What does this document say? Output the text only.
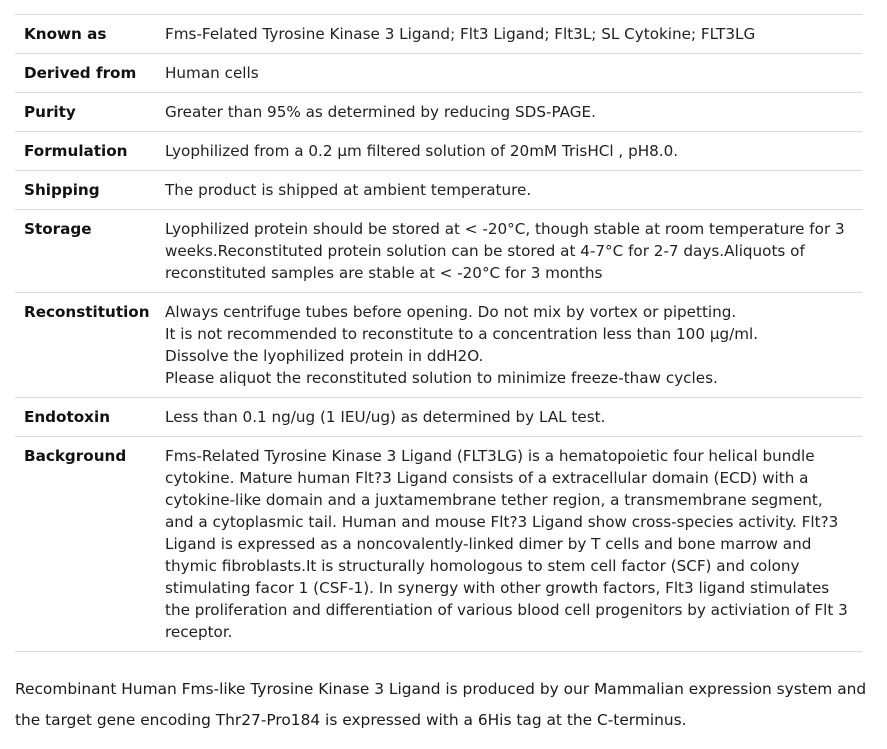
Known as	Fms-Felated Tyrosine Kinase 3 Ligand; Flt3 Ligand; Flt3L; SL Cytokine; FLT3LG

Derived from	Human cells

Purity	Greater than 95% as determined by reducing SDS-PAGE.

Formulation	Lyophilized from a 0.2 μm filtered solution of 20mM TrisHCl , pH8.0.

Shipping	The product is shipped at ambient temperature.

Storage	Lyophilized protein should be stored at < -20°C, though stable at room temperature for 3 weeks.Reconstituted protein solution can be stored at 4-7°C for 2-7 days.Aliquots of reconstituted samples are stable at < -20°C for 3 months

Reconstitution	Always centrifuge tubes before opening. Do not mix by vortex or pipetting.
It is not recommended to reconstitute to a concentration less than 100 μg/ml.
Dissolve the lyophilized protein in ddH2O.
Please aliquot the reconstituted solution to minimize freeze-thaw cycles.

Endotoxin	Less than 0.1 ng/ug (1 IEU/ug) as determined by LAL test.

Background	Fms-Related Tyrosine Kinase 3 Ligand (FLT3LG) is a hematopoietic four helical bundle cytokine. Mature human Flt?3 Ligand consists of a extracellular domain (ECD) with a cytokine-like domain and a juxtamembrane tether region, a transmembrane segment, and a cytoplasmic tail. Human and mouse Flt?3 Ligand show cross-species activity. Flt?3 Ligand is expressed as a noncovalently-linked dimer by T cells and bone marrow and thymic fibroblasts.It is structurally homologous to stem cell factor (SCF) and colony stimulating facor 1 (CSF-1). In synergy with other growth factors, Flt3 ligand stimulates the proliferation and differentiation of various blood cell progenitors by activiation of Flt 3 receptor.

Recombinant Human Fms-like Tyrosine Kinase 3 Ligand is produced by our Mammalian expression system and the target gene encoding Thr27-Pro184 is expressed with a 6His tag at the C-terminus.
